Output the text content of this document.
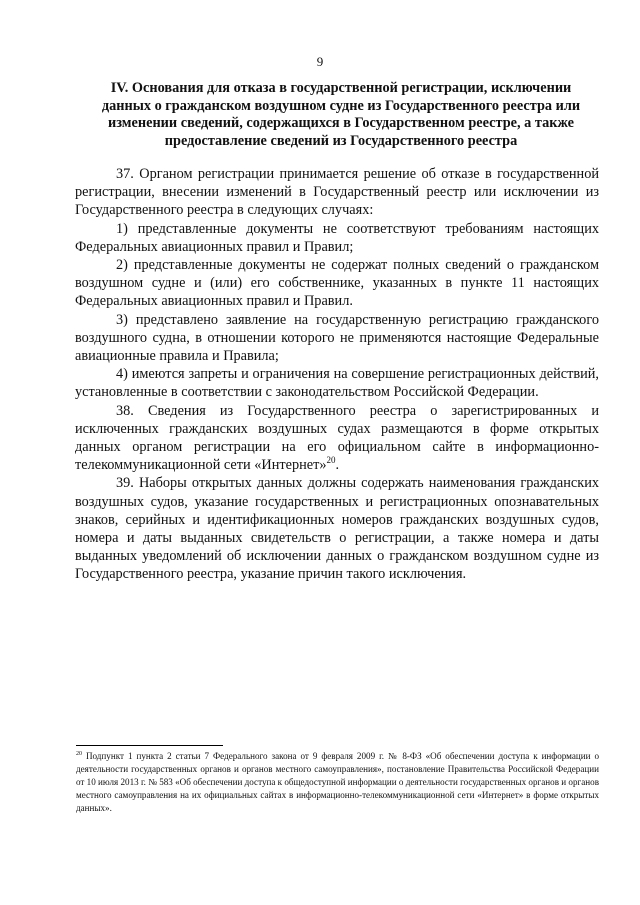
9
IV. Основания для отказа в государственной регистрации, исключении
данных о гражданском воздушном судне из Государственного реестра или
изменении сведений, содержащихся в Государственном реестре, а также
предоставление сведений из Государственного реестра

37. Органом регистрации принимается решение об отказе в государственной регистрации, внесении изменений в Государственный реестр или исключении из Государственного реестра в следующих случаях:

1) представленные документы не соответствуют требованиям настоящих Федеральных авиационных правил и Правил;

2) представленные документы не содержат полных сведений о гражданском воздушном судне и (или) его собственнике, указанных в пункте 11 настоящих Федеральных авиационных правил и Правил.

3) представлено заявление на государственную регистрацию гражданского воздушного судна, в отношении которого не применяются настоящие Федеральные авиационные правила и Правила;

4) имеются запреты и ограничения на совершение регистрационных действий, установленные в соответствии с законодательством Российской Федерации.

38. Сведения из Государственного реестра о зарегистрированных и исключенных гражданских воздушных судах размещаются в форме открытых данных органом регистрации на его официальном сайте в информационно-телекоммуникационной сети «Интернет»$^{20}$.

39. Наборы открытых данных должны содержать наименования гражданских воздушных судов, указание государственных и регистрационных опознавательных знаков, серийных и идентификационных номеров гражданских воздушных судов, номера и даты выданных свидетельств о регистрации, а также номера и даты выданных уведомлений об исключении данных о гражданском воздушном судне из Государственного реестра, указание причин такого исключения.

$^{20}$ Подпункт 1 пункта 2 статьи 7 Федерального закона от 9 февраля 2009 г. № 8-ФЗ «Об обеспечении доступа к информации о деятельности государственных органов и органов местного самоуправления», постановление Правительства Российской Федерации от 10 июля 2013 г. № 583 «Об обеспечении доступа к общедоступной информации о деятельности государственных органов и органов местного самоуправления на их официальных сайтах в информационно-телекоммуникационной сети «Интернет» в форме открытых данных».
